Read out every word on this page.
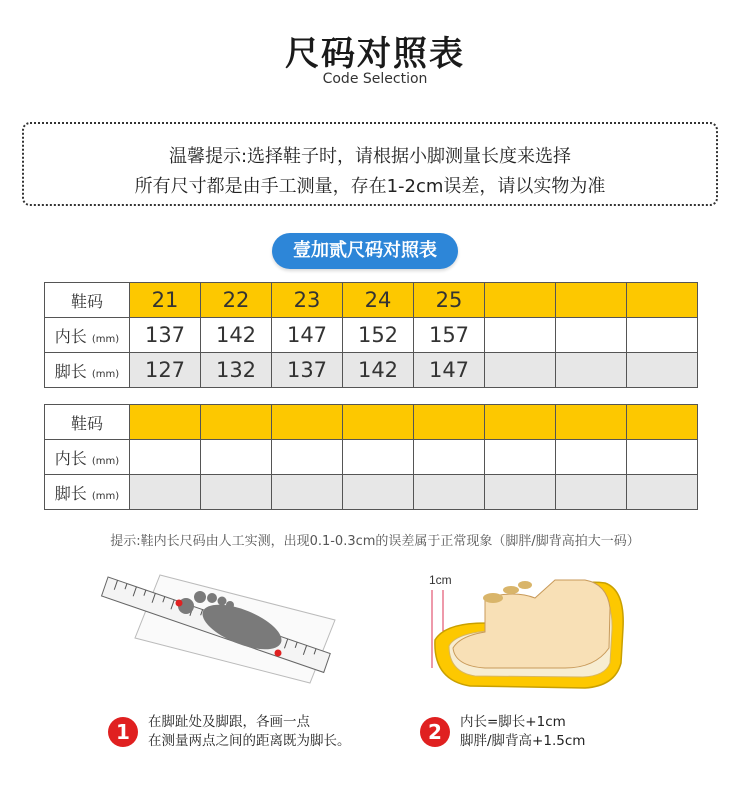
尺码对照表
Code Selection
温馨提示:选择鞋子时，请根据小脚测量长度来选择
所有尺寸都是由手工测量，存在1-2cm误差，请以实物为准
壹加贰尺码对照表
鞋码	21	22	23	24	25			
内长 (mm)	137	142	147	152	157			
脚长 (mm)	127	132	137	142	147			
鞋码								
内长 (mm)								
脚长 (mm)								
提示:鞋内长尺码由人工实测，出现0.1-0.3cm的误差属于正常现象（脚胖/脚背高拍大一码）
1cm
1	在脚趾处及脚跟，各画一点
在测量两点之间的距离既为脚长。	2	内长=脚长+1cm
脚胖/脚背高+1.5cm
